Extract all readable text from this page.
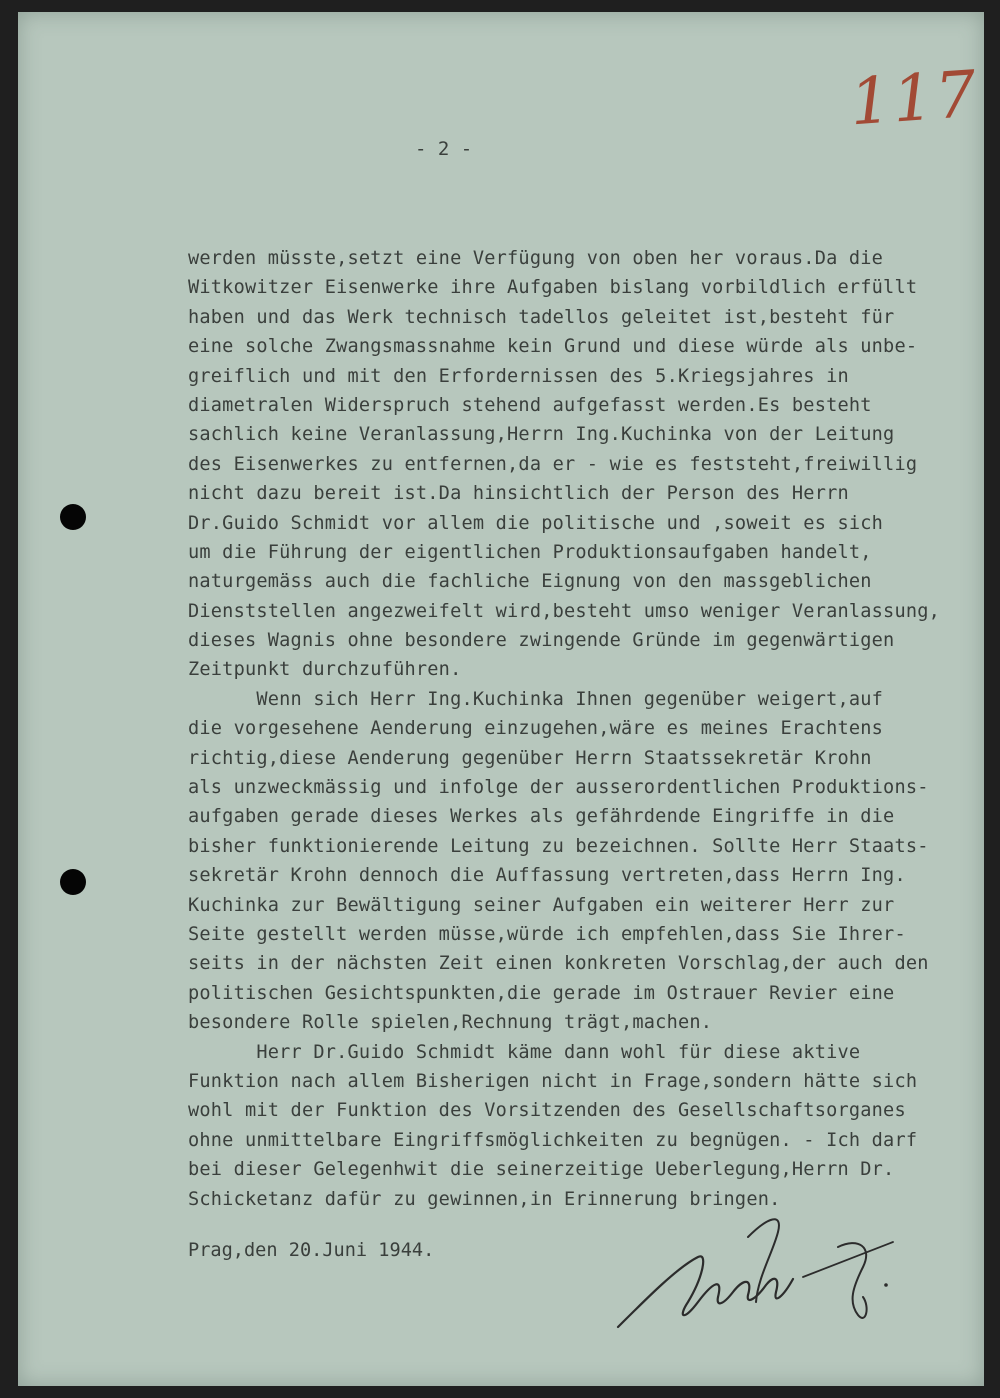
117
- 2 -
werden müsste,setzt eine Verfügung von oben her voraus.Da die
Witkowitzer Eisenwerke ihre Aufgaben bislang vorbildlich erfüllt
haben und das Werk technisch tadellos geleitet ist,besteht für
eine solche Zwangsmassnahme kein Grund und diese würde als unbe-
greiflich und mit den Erfordernissen des 5.Kriegsjahres in
diametralen Widerspruch stehend aufgefasst werden.Es besteht
sachlich keine Veranlassung,Herrn Ing.Kuchinka von der Leitung
des Eisenwerkes zu entfernen,da er - wie es feststeht,freiwillig
nicht dazu bereit ist.Da hinsichtlich der Person des Herrn
Dr.Guido Schmidt vor allem die politische und ,soweit es sich
um die Führung der eigentlichen Produktionsaufgaben handelt,
naturgemäss auch die fachliche Eignung von den massgeblichen
Dienststellen angezweifelt wird,besteht umso weniger Veranlassung,
dieses Wagnis ohne besondere zwingende Gründe im gegenwärtigen
Zeitpunkt durchzuführen.
Wenn sich Herr Ing.Kuchinka Ihnen gegenüber weigert,auf
die vorgesehene Aenderung einzugehen,wäre es meines Erachtens
richtig,diese Aenderung gegenüber Herrn Staatssekretär Krohn
als unzweckmässig und infolge der ausserordentlichen Produktions-
aufgaben gerade dieses Werkes als gefährdende Eingriffe in die
bisher funktionierende Leitung zu bezeichnen. Sollte Herr Staats-
sekretär Krohn dennoch die Auffassung vertreten,dass Herrn Ing.
Kuchinka zur Bewältigung seiner Aufgaben ein weiterer Herr zur
Seite gestellt werden müsse,würde ich empfehlen,dass Sie Ihrer-
seits in der nächsten Zeit einen konkreten Vorschlag,der auch den
politischen Gesichtspunkten,die gerade im Ostrauer Revier eine
besondere Rolle spielen,Rechnung trägt,machen.
Herr Dr.Guido Schmidt käme dann wohl für diese aktive
Funktion nach allem Bisherigen nicht in Frage,sondern hätte sich
wohl mit der Funktion des Vorsitzenden des Gesellschaftsorganes
ohne unmittelbare Eingriffsmöglichkeiten zu begnügen. - Ich darf
bei dieser Gelegenhwit die seinerzeitige Ueberlegung,Herrn Dr.
Schicketanz dafür zu gewinnen,in Erinnerung bringen.
Prag,den 20.Juni 1944.
